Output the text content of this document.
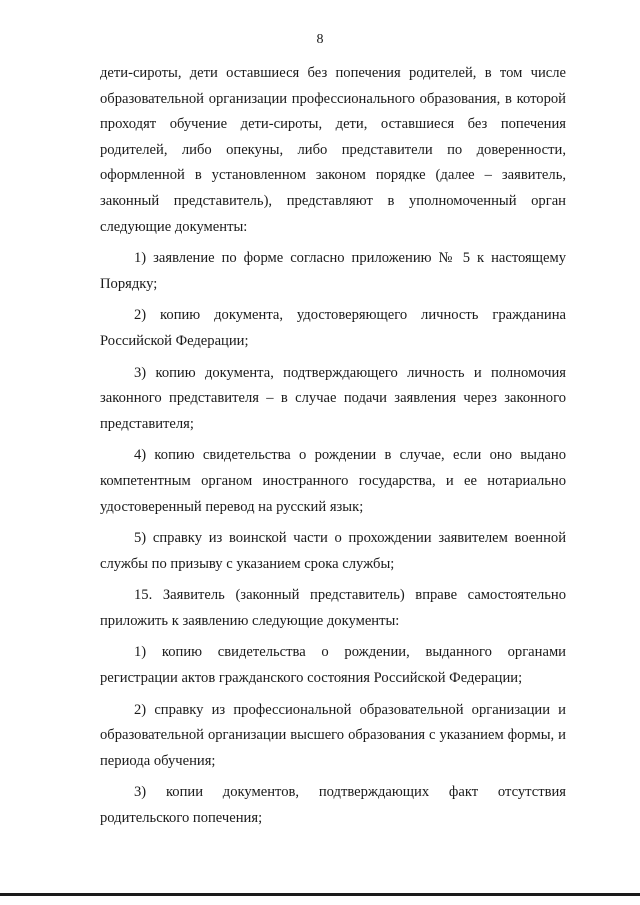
8

дети-сироты, дети оставшиеся без попечения родителей, в том числе образовательной организации профессионального образования, в которой проходят обучение дети-сироты, дети, оставшиеся без попечения родителей, либо опекуны, либо представители по доверенности, оформленной в установленном законом порядке (далее – заявитель, законный представитель), представляют в уполномоченный орган следующие документы:

1) заявление по форме согласно приложению № 5 к настоящему Порядку;

2) копию документа, удостоверяющего личность гражданина Российской Федерации;

3) копию документа, подтверждающего личность и полномочия законного представителя – в случае подачи заявления через законного представителя;

4) копию свидетельства о рождении в случае, если оно выдано компетентным органом иностранного государства, и ее нотариально удостоверенный перевод на русский язык;

5) справку из воинской части о прохождении заявителем военной службы по призыву с указанием срока службы;

15. Заявитель (законный представитель) вправе самостоятельно приложить к заявлению следующие документы:

1) копию свидетельства о рождении, выданного органами регистрации актов гражданского состояния Российской Федерации;

2) справку из профессиональной образовательной организации и образовательной организации высшего образования с указанием формы, и периода обучения;

3) копии документов, подтверждающих факт отсутствия родительского попечения;
